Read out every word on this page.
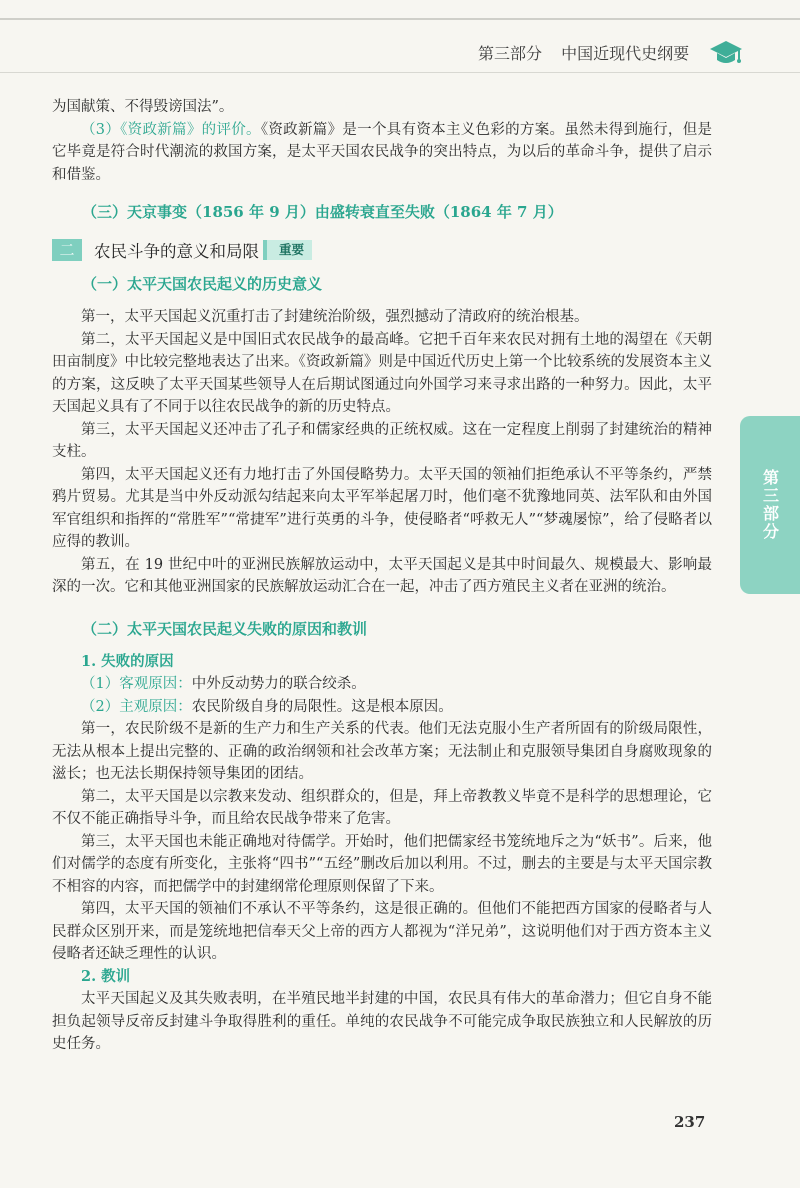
第三部分 中国近现代史纲要
第三部分

为国献策、不得毁谤国法”。

（3）《资政新篇》的评价。《资政新篇》是一个具有资本主义色彩的方案。虽然未得到施行，但是它毕竟是符合时代潮流的救国方案，是太平天国农民战争的突出特点，为以后的革命斗争，提供了启示和借鉴。

（三）天京事变（1856 年 9 月）由盛转衰直至失败（1864 年 7 月）
二	农民斗争的意义和局限	重要
（一）太平天国农民起义的历史意义

第一，太平天国起义沉重打击了封建统治阶级，强烈撼动了清政府的统治根基。

第二，太平天国起义是中国旧式农民战争的最高峰。它把千百年来农民对拥有土地的渴望在《天朝田亩制度》中比较完整地表达了出来。《资政新篇》则是中国近代历史上第一个比较系统的发展资本主义的方案，这反映了太平天国某些领导人在后期试图通过向外国学习来寻求出路的一种努力。因此，太平天国起义具有了不同于以往农民战争的新的历史特点。

第三，太平天国起义还冲击了孔子和儒家经典的正统权威。这在一定程度上削弱了封建统治的精神支柱。

第四，太平天国起义还有力地打击了外国侵略势力。太平天国的领袖们拒绝承认不平等条约，严禁鸦片贸易。尤其是当中外反动派勾结起来向太平军举起屠刀时，他们毫不犹豫地同英、法军队和由外国军官组织和指挥的“常胜军”“常捷军”进行英勇的斗争，使侵略者“呼救无人”“梦魂屡惊”，给了侵略者以应得的教训。

第五，在 19 世纪中叶的亚洲民族解放运动中，太平天国起义是其中时间最久、规模最大、影响最深的一次。它和其他亚洲国家的民族解放运动汇合在一起，冲击了西方殖民主义者在亚洲的统治。

（二）太平天国农民起义失败的原因和教训

1. 失败的原因

（1）客观原因：中外反动势力的联合绞杀。

（2）主观原因：农民阶级自身的局限性。这是根本原因。

第一，农民阶级不是新的生产力和生产关系的代表。他们无法克服小生产者所固有的阶级局限性，无法从根本上提出完整的、正确的政治纲领和社会改革方案；无法制止和克服领导集团自身腐败现象的滋长；也无法长期保持领导集团的团结。

第二，太平天国是以宗教来发动、组织群众的，但是，拜上帝教教义毕竟不是科学的思想理论，它不仅不能正确指导斗争，而且给农民战争带来了危害。

第三，太平天国也未能正确地对待儒学。开始时，他们把儒家经书笼统地斥之为“妖书”。后来，他们对儒学的态度有所变化，主张将“四书”“五经”删改后加以利用。不过，删去的主要是与太平天国宗教不相容的内容，而把儒学中的封建纲常伦理原则保留了下来。

第四，太平天国的领袖们不承认不平等条约，这是很正确的。但他们不能把西方国家的侵略者与人民群众区别开来，而是笼统地把信奉天父上帝的西方人都视为“洋兄弟”，这说明他们对于西方资本主义侵略者还缺乏理性的认识。

2. 教训

太平天国起义及其失败表明，在半殖民地半封建的中国，农民具有伟大的革命潜力；但它自身不能担负起领导反帝反封建斗争取得胜利的重任。单纯的农民战争不可能完成争取民族独立和人民解放的历史任务。

237
